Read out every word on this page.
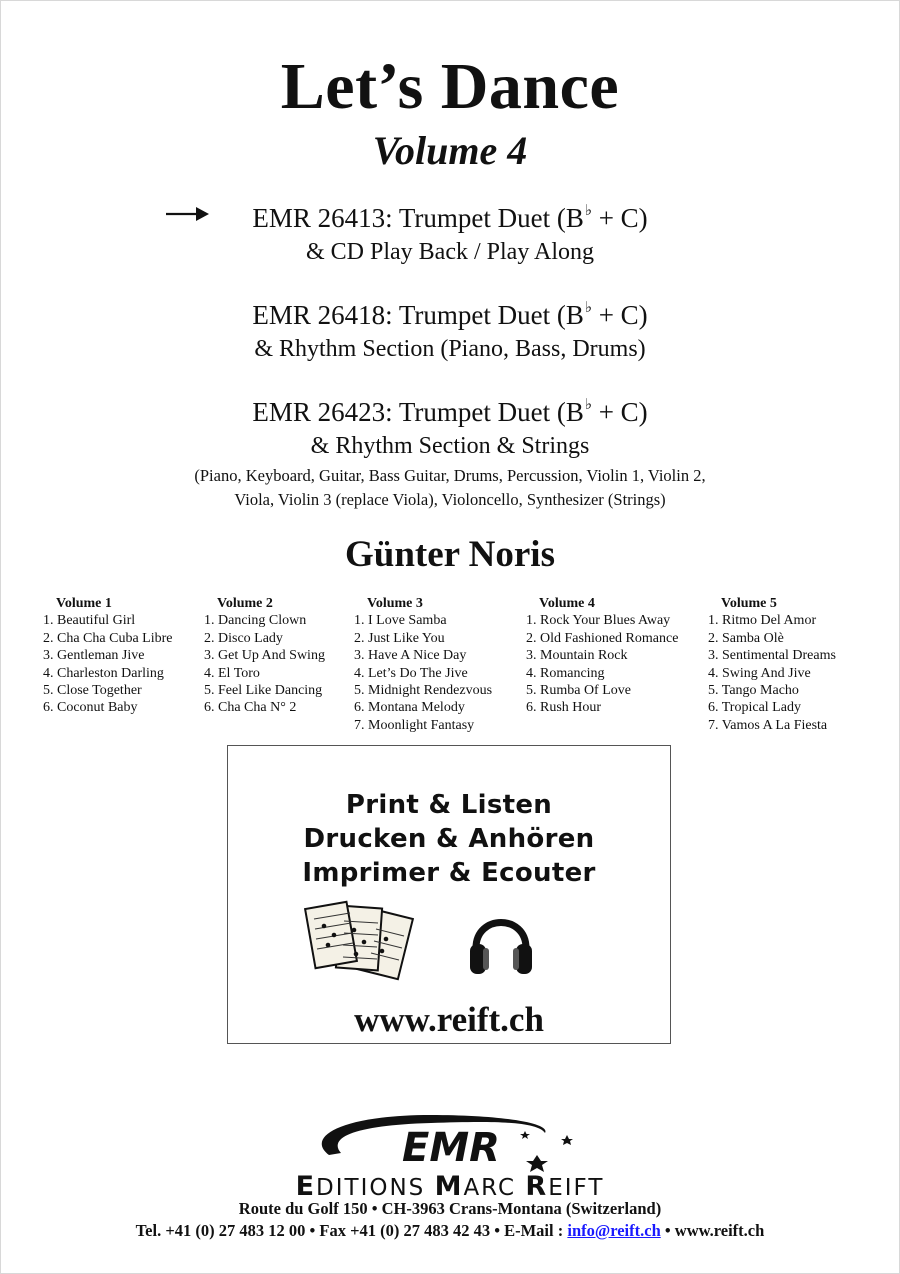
Let’s Dance
Volume 4
EMR 26413: Trumpet Duet (B♭ + C)
& CD Play Back / Play Along
EMR 26418: Trumpet Duet (B♭ + C)
& Rhythm Section (Piano, Bass, Drums)
EMR 26423: Trumpet Duet (B♭ + C)
& Rhythm Section & Strings
(Piano, Keyboard, Guitar, Bass Guitar, Drums, Percussion, Violin 1, Violin 2,
Viola, Violin 3 (replace Viola), Violoncello, Synthesizer (Strings)
Günter Noris
Volume 1
1. Beautiful Girl
2. Cha Cha Cuba Libre
3. Gentleman Jive
4. Charleston Darling
5. Close Together
6. Coconut Baby
Volume 2
1. Dancing Clown
2. Disco Lady
3. Get Up And Swing
4. El Toro
5. Feel Like Dancing
6. Cha Cha N° 2
Volume 3
1. I Love Samba
2. Just Like You
3. Have A Nice Day
4. Let’s Do The Jive
5. Midnight Rendezvous
6. Montana Melody
7. Moonlight Fantasy
Volume 4
1. Rock Your Blues Away
2. Old Fashioned Romance
3. Mountain Rock
4. Romancing
5. Rumba Of Love
6. Rush Hour
Volume 5
1. Ritmo Del Amor
2. Samba Olè
3. Sentimental Dreams
4. Swing And Jive
5. Tango Macho
6. Tropical Lady
7. Vamos A La Fiesta
Print & Listen
Drucken & Anhören
Imprimer & Ecouter
www.reift.ch
EMR
EDITIONS MARC REIFT
Route du Golf 150 • CH-3963 Crans-Montana (Switzerland)
Tel. +41 (0) 27 483 12 00 • Fax +41 (0) 27 483 42 43 • E-Mail : info@reift.ch • www.reift.ch
